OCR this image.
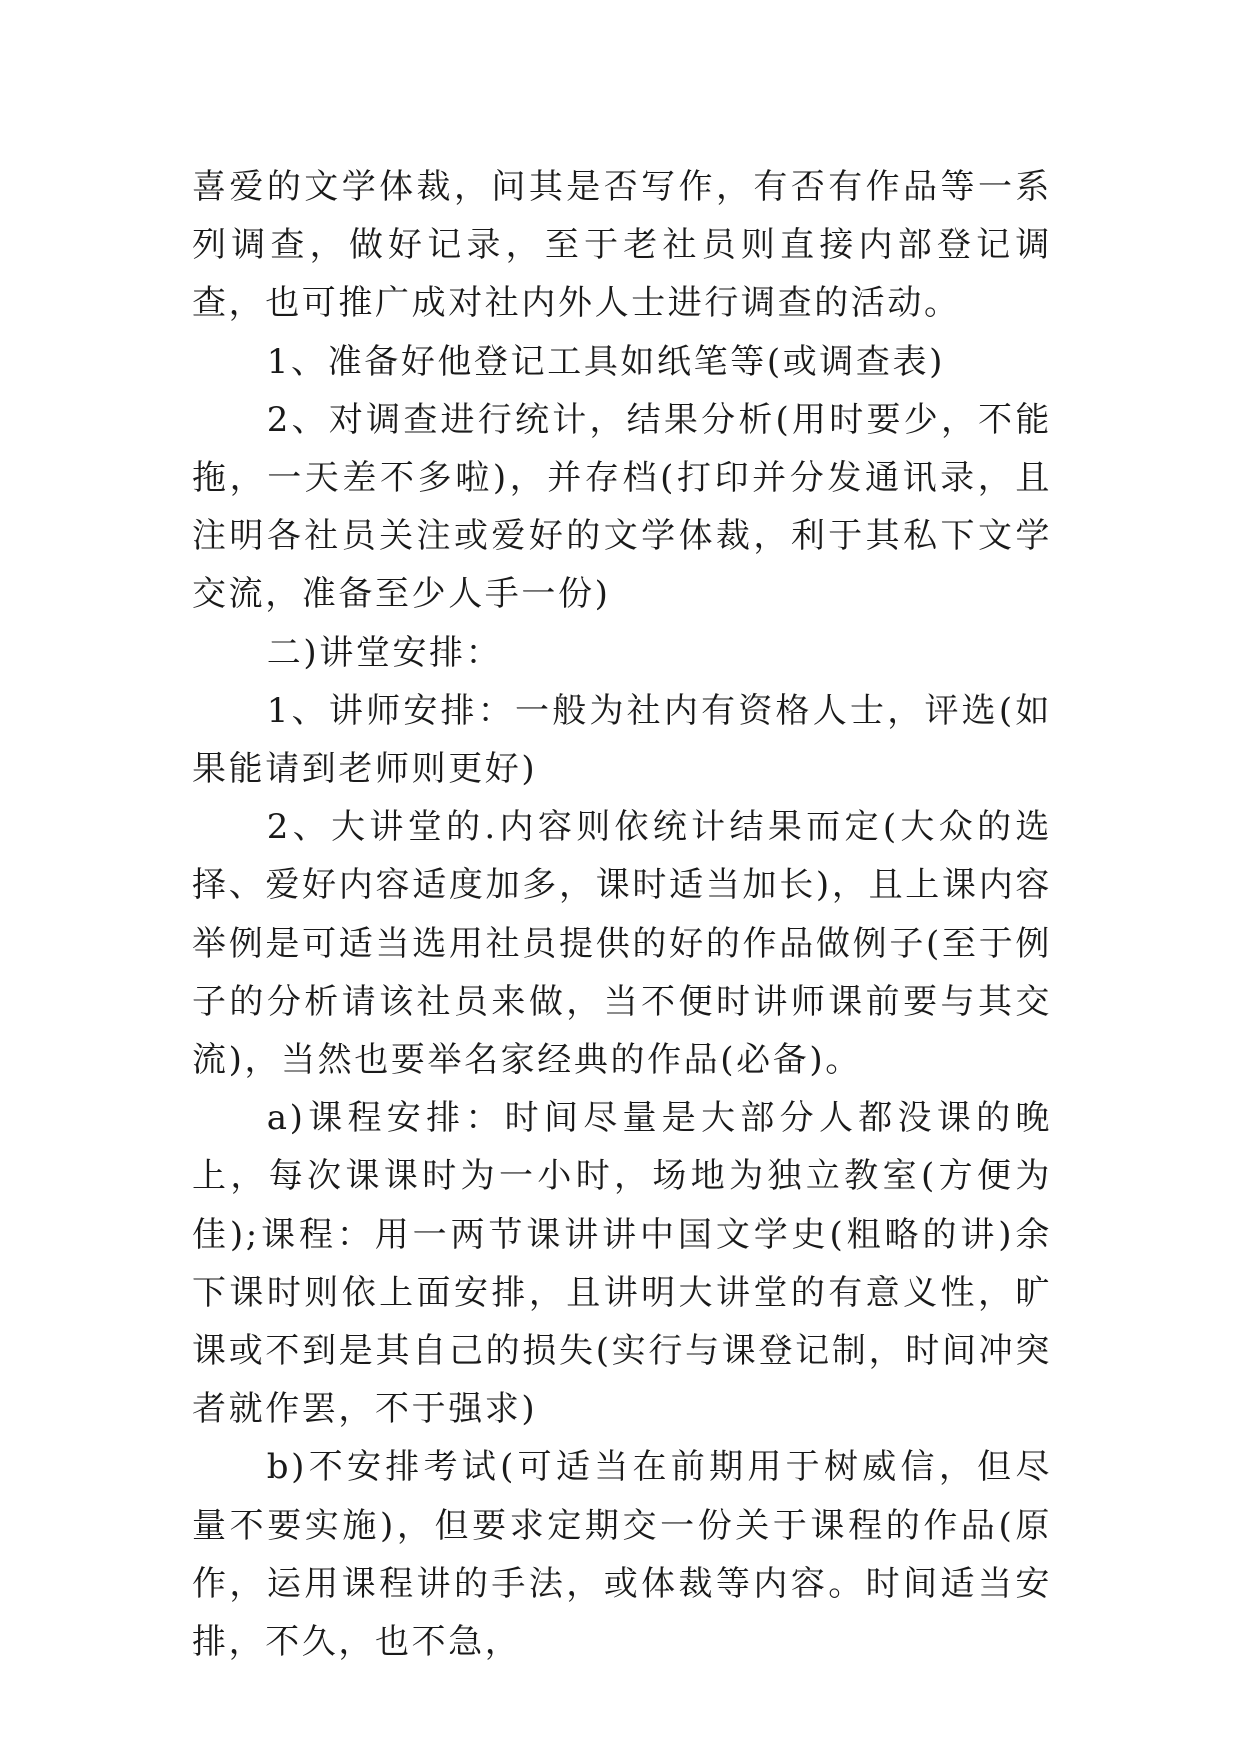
喜爱的文学体裁，问其是否写作，有否有作品等一系列调查，做好记录，至于老社员则直接内部登记调查，也可推广成对社内外人士进行调查的活动。

1、准备好他登记工具如纸笔等(或调查表)

2、对调查进行统计，结果分析(用时要少，不能拖，一天差不多啦)，并存档(打印并分发通讯录，且注明各社员关注或爱好的文学体裁，利于其私下文学交流，准备至少人手一份)

二)讲堂安排：

1、讲师安排：一般为社内有资格人士，评选(如果能请到老师则更好)

2、大讲堂的.内容则依统计结果而定(大众的选择、爱好内容适度加多，课时适当加长)，且上课内容举例是可适当选用社员提供的好的作品做例子(至于例子的分析请该社员来做，当不便时讲师课前要与其交流)，当然也要举名家经典的作品(必备)。

a)课程安排：时间尽量是大部分人都没课的晚上，每次课课时为一小时，场地为独立教室(方便为佳);课程：用一两节课讲讲中国文学史(粗略的讲)余下课时则依上面安排，且讲明大讲堂的有意义性，旷课或不到是其自己的损失(实行与课登记制，时间冲突者就作罢，不于强求)

b)不安排考试(可适当在前期用于树威信，但尽量不要实施)，但要求定期交一份关于课程的作品(原作，运用课程讲的手法，或体裁等内容。时间适当安排，不久，也不急，
